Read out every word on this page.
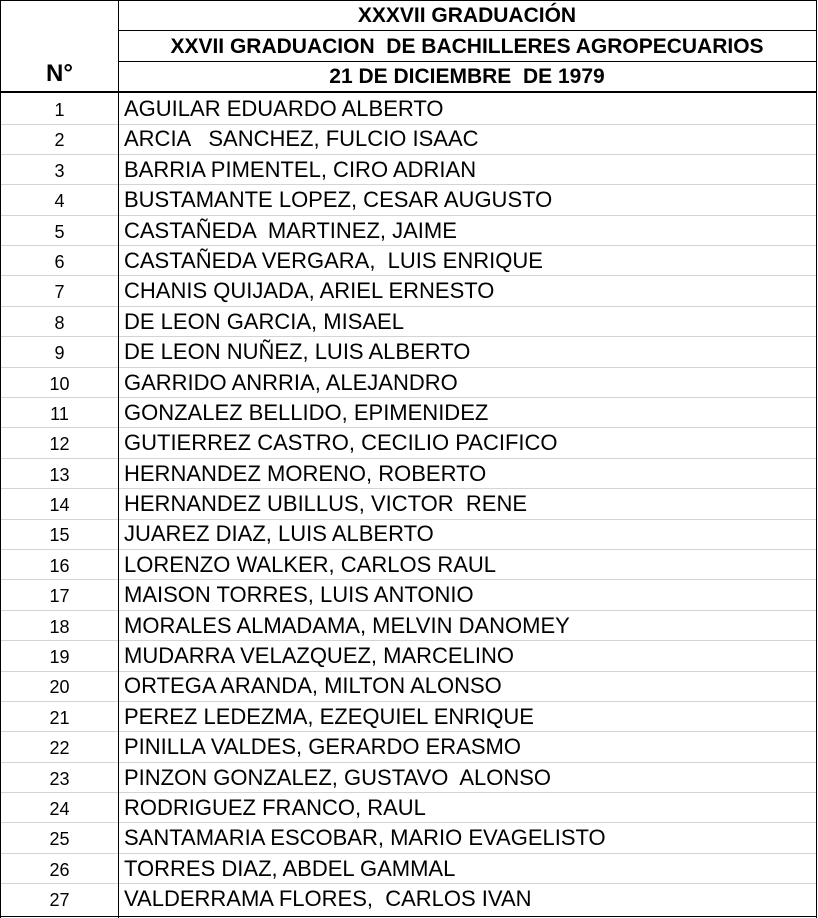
XXXVII GRADUACIÓN
XXVII GRADUACION  DE BACHILLERES AGROPECUARIOS
21 DE DICIEMBRE  DE 1979
N°
1	AGUILAR EDUARDO ALBERTO
2	ARCIA   SANCHEZ, FULCIO ISAAC
3	BARRIA PIMENTEL, CIRO ADRIAN
4	BUSTAMANTE LOPEZ, CESAR AUGUSTO
5	CASTAÑEDA  MARTINEZ, JAIME
6	CASTAÑEDA VERGARA,  LUIS ENRIQUE
7	CHANIS QUIJADA, ARIEL ERNESTO
8	DE LEON GARCIA, MISAEL
9	DE LEON NUÑEZ, LUIS ALBERTO
10	GARRIDO ANRRIA, ALEJANDRO
11	GONZALEZ BELLIDO, EPIMENIDEZ
12	GUTIERREZ CASTRO, CECILIO PACIFICO
13	HERNANDEZ MORENO, ROBERTO
14	HERNANDEZ UBILLUS, VICTOR  RENE
15	JUAREZ DIAZ, LUIS ALBERTO
16	LORENZO WALKER, CARLOS RAUL
17	MAISON TORRES, LUIS ANTONIO
18	MORALES ALMADAMA, MELVIN DANOMEY
19	MUDARRA VELAZQUEZ, MARCELINO
20	ORTEGA ARANDA, MILTON ALONSO
21	PEREZ LEDEZMA, EZEQUIEL ENRIQUE
22	PINILLA VALDES, GERARDO ERASMO
23	PINZON GONZALEZ, GUSTAVO  ALONSO
24	RODRIGUEZ FRANCO, RAUL
25	SANTAMARIA ESCOBAR, MARIO EVAGELISTO
26	TORRES DIAZ, ABDEL GAMMAL
27	VALDERRAMA FLORES,  CARLOS IVAN
